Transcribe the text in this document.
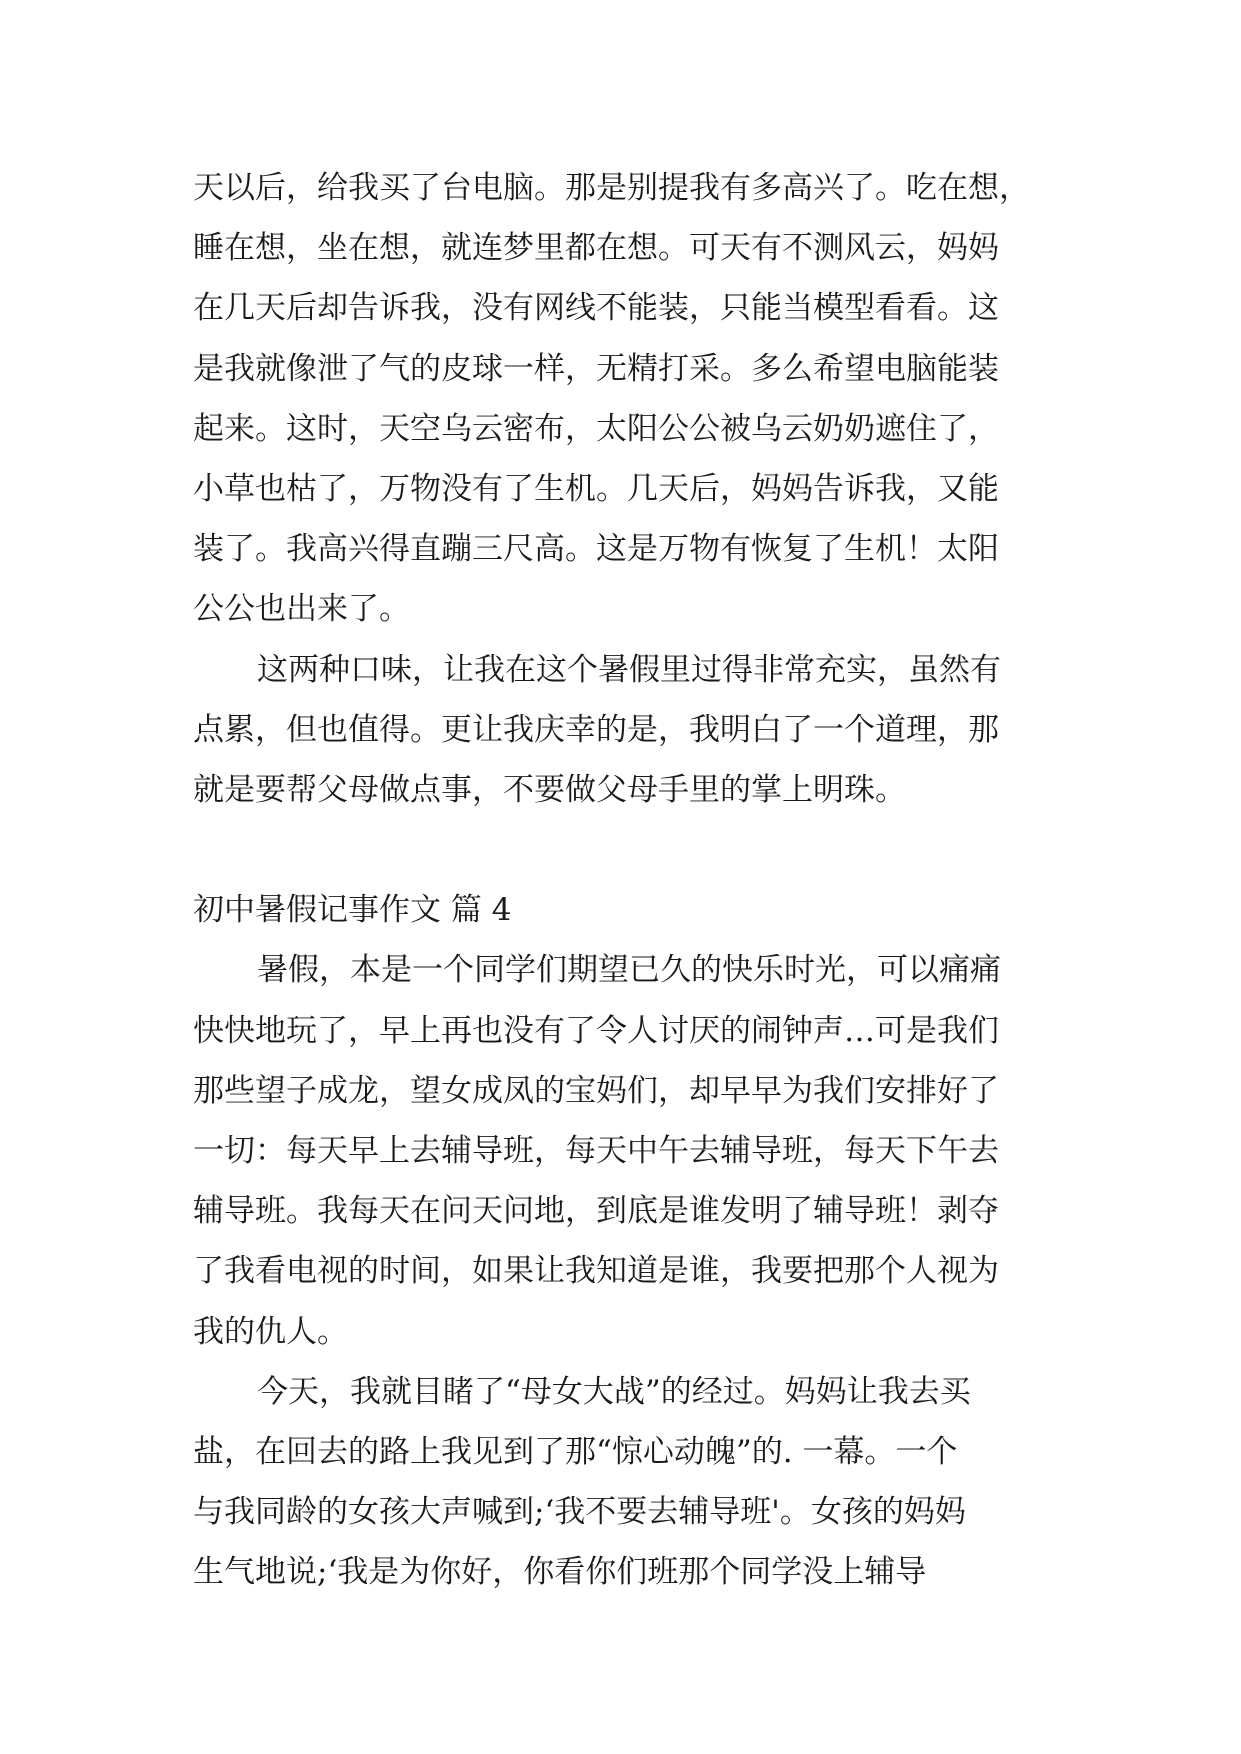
天以后，给我买了台电脑。那是别提我有多高兴了。吃在想，
睡在想，坐在想，就连梦里都在想。可天有不测风云，妈妈
在几天后却告诉我，没有网线不能装，只能当模型看看。这
是我就像泄了气的皮球一样，无精打采。多么希望电脑能装
起来。这时，天空乌云密布，太阳公公被乌云奶奶遮住了，
小草也枯了，万物没有了生机。几天后，妈妈告诉我，又能
装了。我高兴得直蹦三尺高。这是万物有恢复了生机！太阳
公公也出来了。
这两种口味，让我在这个暑假里过得非常充实，虽然有
点累，但也值得。更让我庆幸的是，我明白了一个道理，那
就是要帮父母做点事，不要做父母手里的掌上明珠。
初中暑假记事作文 篇 4
暑假，本是一个同学们期望已久的快乐时光，可以痛痛
快快地玩了，早上再也没有了令人讨厌的闹钟声…可是我们
那些望子成龙，望女成凤的宝妈们，却早早为我们安排好了
一切：每天早上去辅导班，每天中午去辅导班，每天下午去
辅导班。我每天在问天问地，到底是谁发明了辅导班！剥夺
了我看电视的时间，如果让我知道是谁，我要把那个人视为
我的仇人。
今天，我就目睹了“母女大战”的经过。妈妈让我去买
盐，在回去的路上我见到了那“惊心动魄”的. 一幕。一个
与我同龄的女孩大声喊到;‘我不要去辅导班'。女孩的妈妈
生气地说;‘我是为你好，你看你们班那个同学没上辅导
